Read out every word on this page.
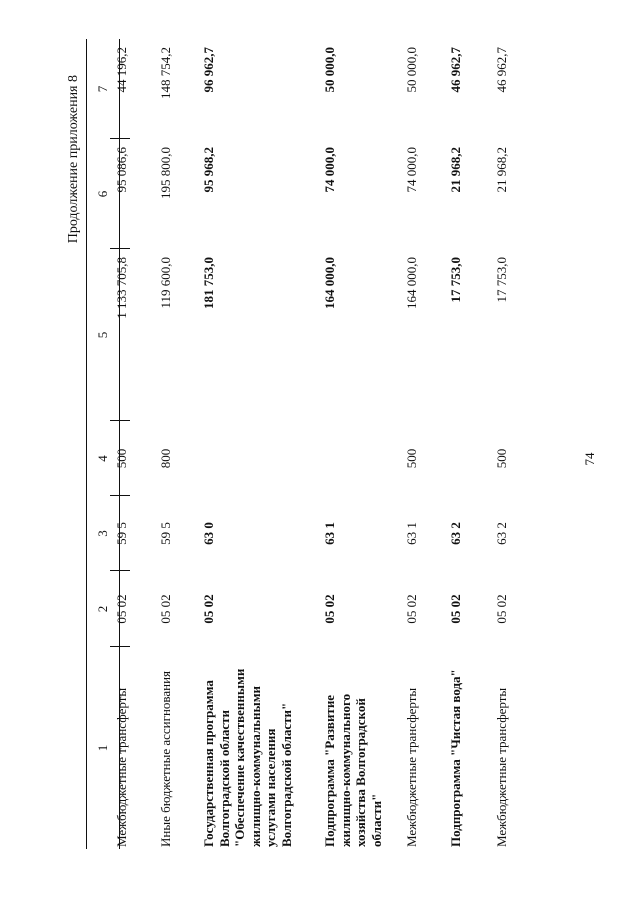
74
Продолжение приложения 8
1
2
3
4
5
6
7
Межбюджетные трансферты
05 02
59 5
500
1 133 705,8
95 086,6
44 196,2
Иные бюджетные ассигнования
05 02
59 5
800
119 600,0
195 800,0
148 754,2
Государственная программа Волгоградской области "Обеспечение качественными жилищно-коммунальными услугами населения Волгоградской области"
05 02
63 0
181 753,0
95 968,2
96 962,7
Подпрограмма "Развитие жилищно-коммунального хозяйства Волгоградской области"
05 02
63 1
164 000,0
74 000,0
50 000,0
Межбюджетные трансферты
05 02
63 1
500
164 000,0
74 000,0
50 000,0
Подпрограмма "Чистая вода"
05 02
63 2
17 753,0
21 968,2
46 962,7
Межбюджетные трансферты
05 02
63 2
500
17 753,0
21 968,2
46 962,7
